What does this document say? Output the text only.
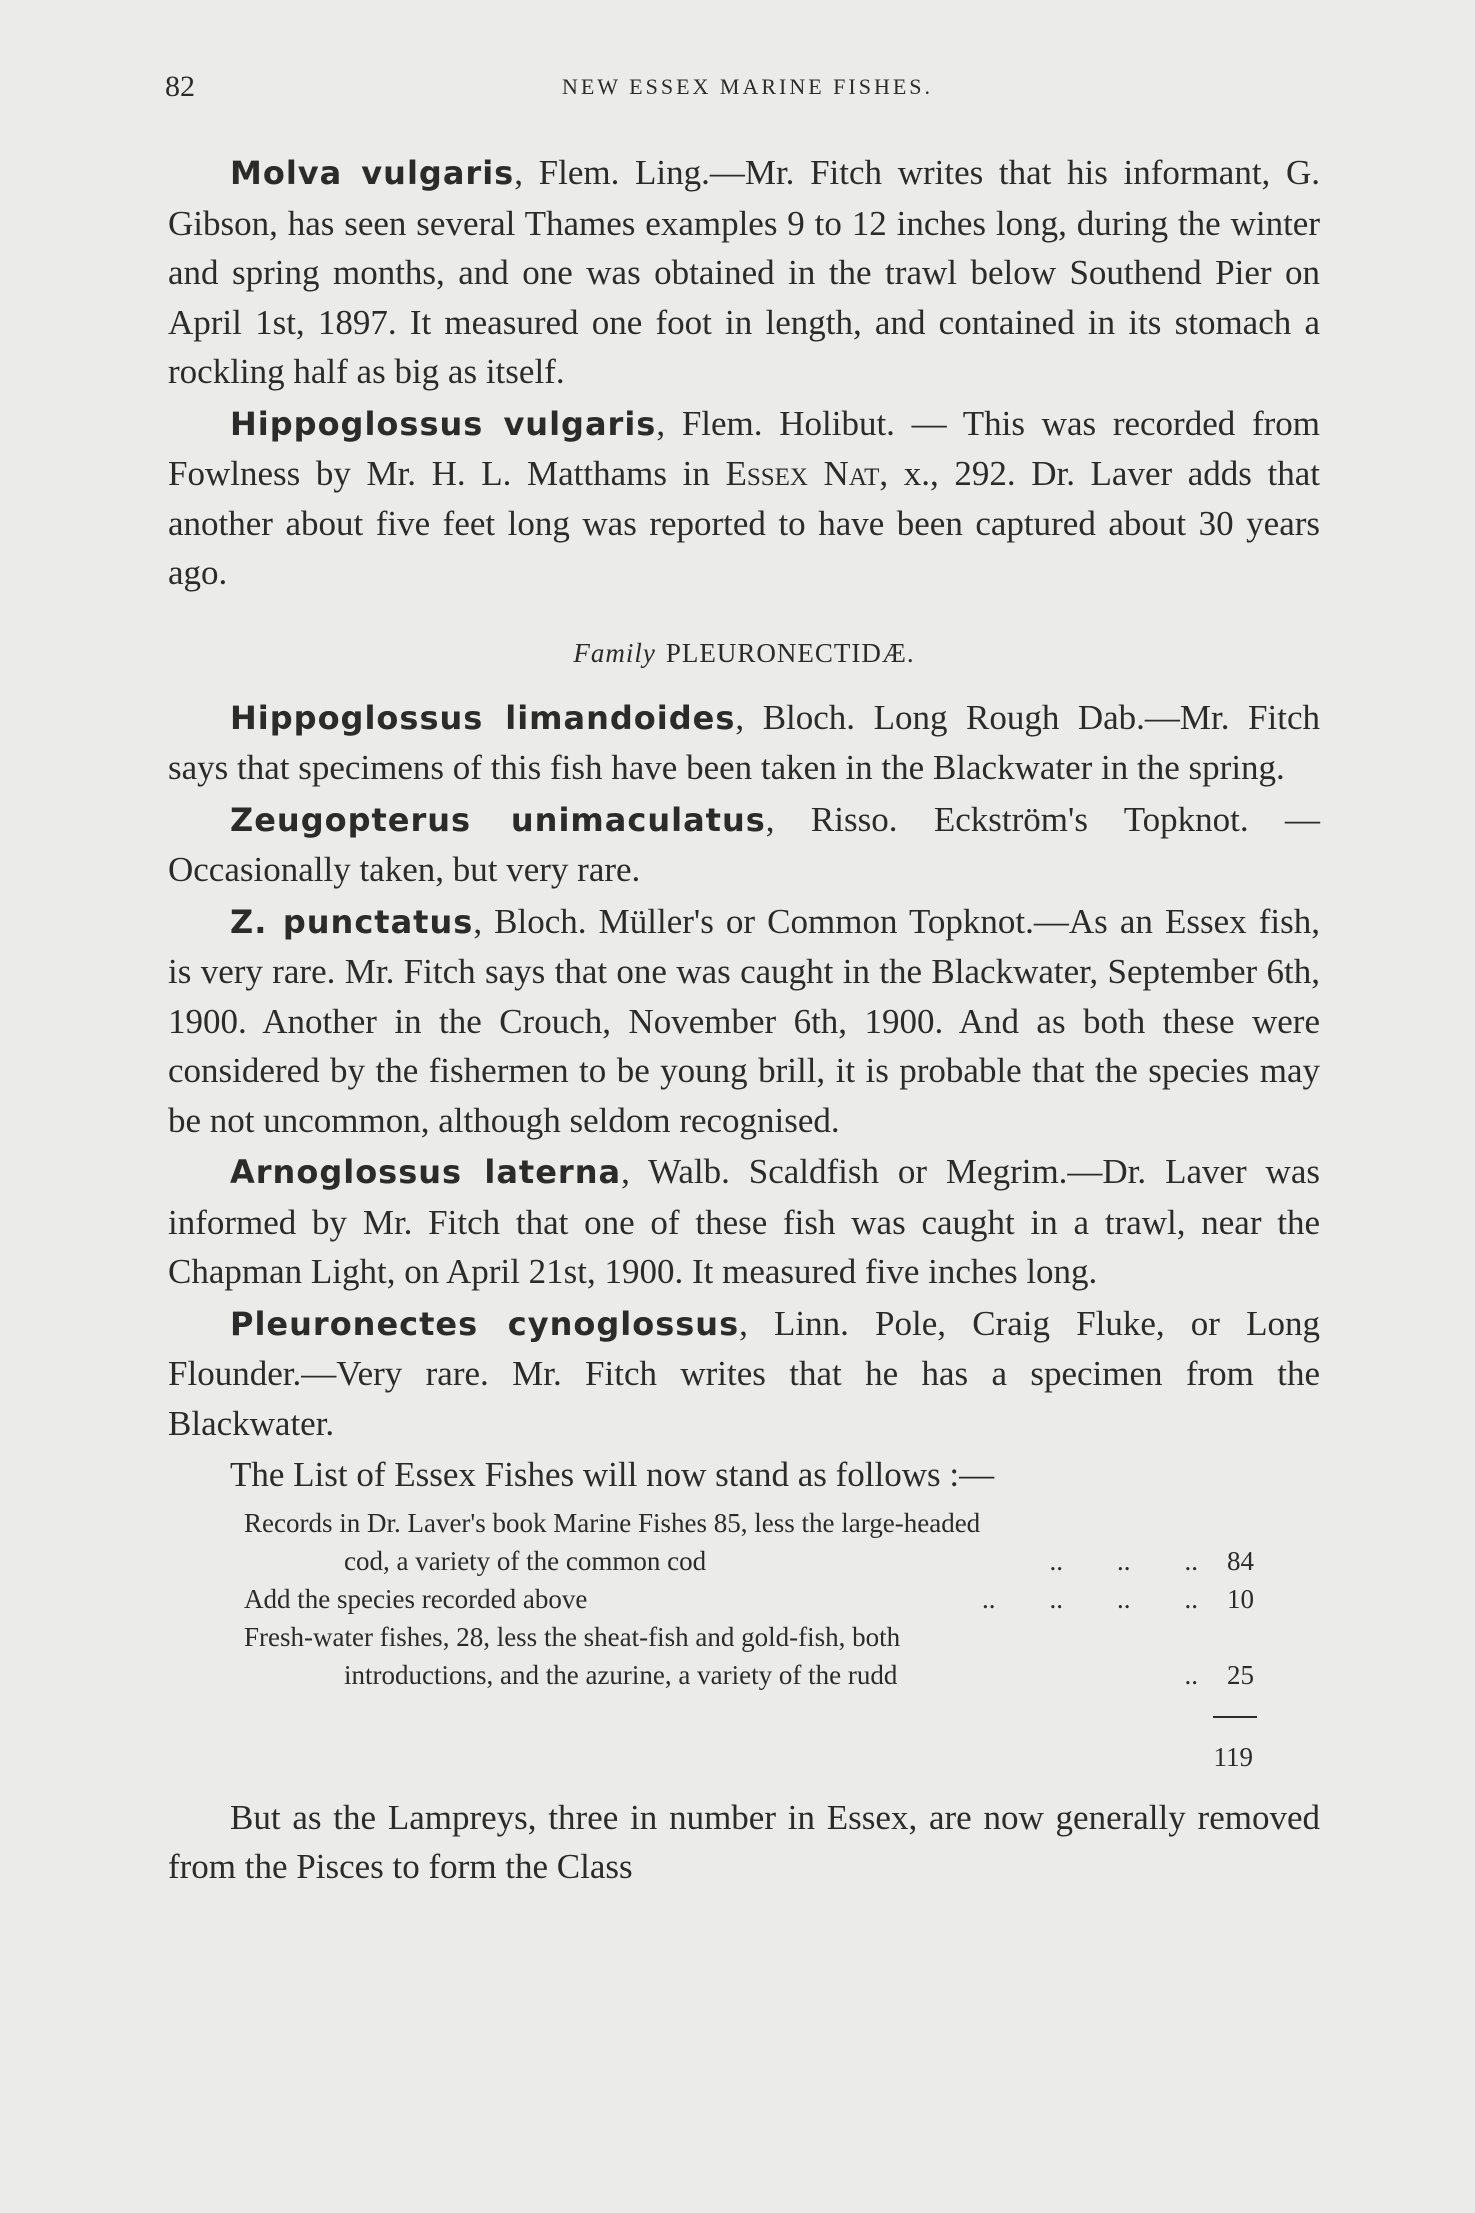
82	NEW ESSEX MARINE FISHES.

Molva vulgaris, Flem. Ling.—Mr. Fitch writes that his informant, G. Gibson, has seen several Thames examples 9 to 12 inches long, during the winter and spring months, and one was obtained in the trawl below Southend Pier on April 1st, 1897. It measured one foot in length, and contained in its stomach a rockling half as big as itself.

Hippoglossus vulgaris, Flem. Holibut. — This was recorded from Fowlness by Mr. H. L. Matthams in Essex Nat, x., 292. Dr. Laver adds that another about five feet long was reported to have been captured about 30 years ago.

Family PLEURONECTIDÆ.

Hippoglossus limandoides, Bloch. Long Rough Dab.—Mr. Fitch says that specimens of this fish have been taken in the Blackwater in the spring.

Zeugopterus unimaculatus, Risso. Eckström's Topknot. —Occasionally taken, but very rare.

Z. punctatus, Bloch. Müller's or Common Topknot.—As an Essex fish, is very rare. Mr. Fitch says that one was caught in the Blackwater, September 6th, 1900. Another in the Crouch, November 6th, 1900. And as both these were considered by the fishermen to be young brill, it is probable that the species may be not uncommon, although seldom recognised.

Arnoglossus laterna, Walb. Scaldfish or Megrim.—Dr. Laver was informed by Mr. Fitch that one of these fish was caught in a trawl, near the Chapman Light, on April 21st, 1900. It measured five inches long.

Pleuronectes cynoglossus, Linn. Pole, Craig Fluke, or Long Flounder.—Very rare. Mr. Fitch writes that he has a specimen from the Blackwater.

The List of Essex Fishes will now stand as follows :—

Records in Dr. Laver's book Marine Fishes 85, less the large-headed
cod, a variety of the common cod	..        ..        ..	84
Add the species recorded above	..        ..        ..        ..	10
Fresh-water fishes, 28, less the sheat-fish and gold-fish, both
introductions, and the azurine, a variety of the rudd	..	25
119

But as the Lampreys, three in number in Essex, are now generally removed from the Pisces to form the Class
